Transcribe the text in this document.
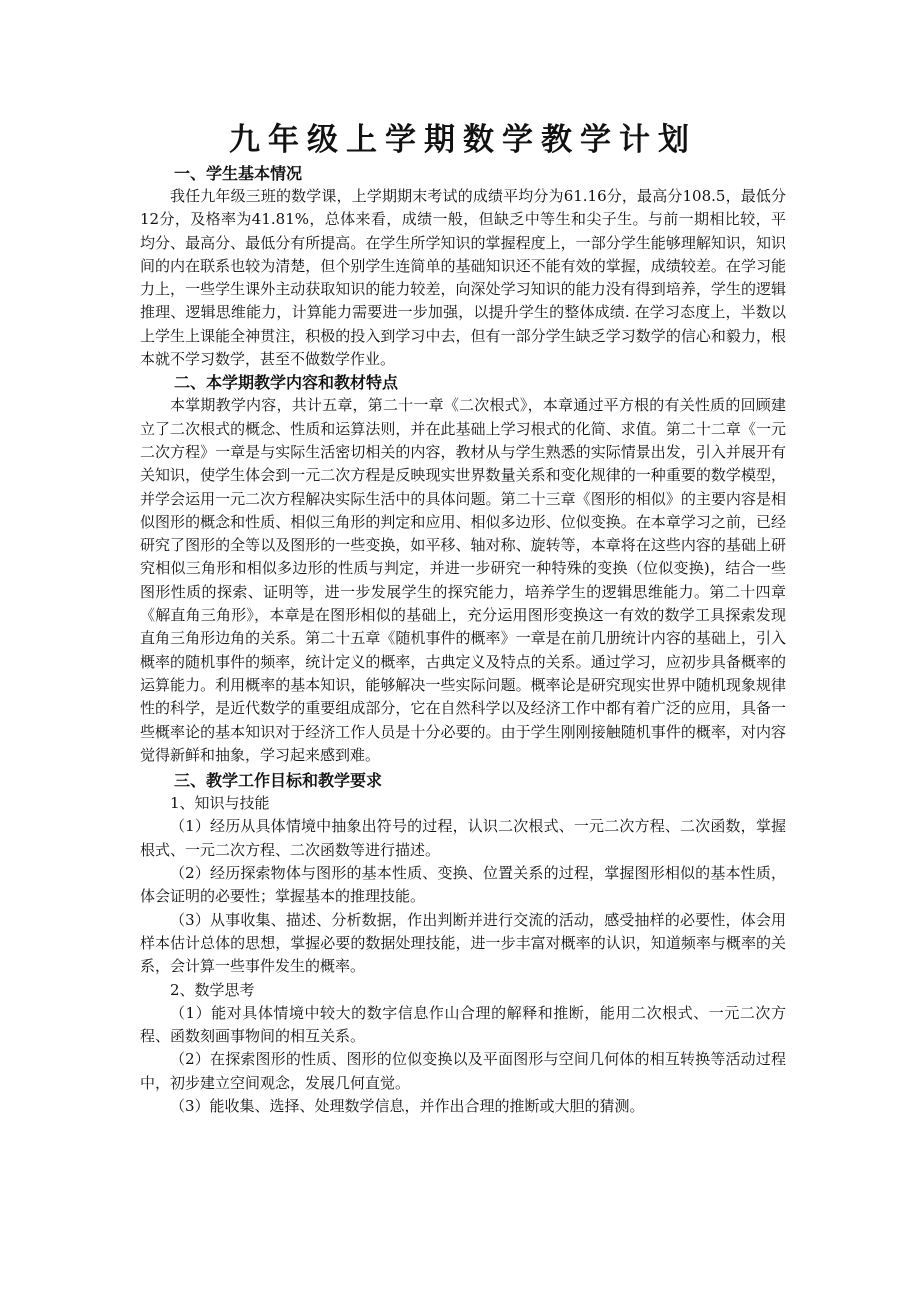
九年级上学期数学教学计划
一、学生基本情况
我任九年级三班的数学课，上学期期末考试的成绩平均分为61.16分，最高分108.5，最低分12分，及格率为41.81%，总体来看，成绩一般，但缺乏中等生和尖子生。与前一期相比较，平均分、最高分、最低分有所提高。在学生所学知识的掌握程度上，一部分学生能够理解知识，知识间的内在联系也较为清楚，但个别学生连简单的基础知识还不能有效的掌握，成绩较差。在学习能力上，一些学生课外主动获取知识的能力较差，向深处学习知识的能力没有得到培养，学生的逻辑推理、逻辑思维能力，计算能力需要进一步加强，以提升学生的整体成绩. 在学习态度上，半数以上学生上课能全神贯注，积极的投入到学习中去，但有一部分学生缺乏学习数学的信心和毅力，根本就不学习数学，甚至不做数学作业。
二、本学期教学内容和教材特点
本掌期教学内容，共计五章，第二十一章《二次根式》，本章通过平方根的有关性质的回顾建立了二次根式的概念、性质和运算法则，并在此基础上学习根式的化简、求值。第二十二章《一元二次方程》一章是与实际生活密切相关的内容，教材从与学生熟悉的实际情景出发，引入并展开有关知识，使学生体会到一元二次方程是反映现实世界数量关系和变化规律的一种重要的数学模型，并学会运用一元二次方程解决实际生活中的具体问题。第二十三章《图形的相似》的主要内容是相似图形的概念和性质、相似三角形的判定和应用、相似多边形、位似变换。在本章学习之前，已经研究了图形的全等以及图形的一些变换，如平移、轴对称、旋转等，本章将在这些内容的基础上研究相似三角形和相似多边形的性质与判定，并进一步研究一种特殊的变换（位似变换)，结合一些图形性质的探索、证明等，进一步发展学生的探究能力，培养学生的逻辑思维能力。第二十四章《解直角三角形》，本章是在图形相似的基础上，充分运用图形变换这一有效的数学工具探索发现直角三角形边角的关系。第二十五章《随机事件的概率》一章是在前几册统计内容的基础上，引入概率的随机事件的频率，统计定义的概率，古典定义及特点的关系。通过学习，应初步具备概率的运算能力。利用概率的基本知识，能够解决一些实际问题。概率论是研究现实世界中随机现象规律性的科学，是近代数学的重要组成部分，它在自然科学以及经济工作中都有着广泛的应用，具备一些概率论的基本知识对于经济工作人员是十分必要的。由于学生刚刚接触随机事件的概率，对内容觉得新鲜和抽象，学习起来感到难。
三、教学工作目标和教学要求
1、知识与技能
（1）经历从具体情境中抽象出符号的过程，认识二次根式、一元二次方程、二次函数，掌握根式、一元二次方程、二次函数等进行描述。
（2）经历探索物体与图形的基本性质、变换、位置关系的过程，掌握图形相似的基本性质，体会证明的必要性；掌握基本的推理技能。
（3）从事收集、描述、分析数据，作出判断并进行交流的活动，感受抽样的必要性，体会用样本估计总体的思想，掌握必要的数据处理技能，进一步丰富对概率的认识，知道频率与概率的关系，会计算一些事件发生的概率。
2、数学思考
（1）能对具体情境中较大的数字信息作山合理的解释和推断，能用二次根式、一元二次方程、函数刻画事物间的相互关系。
（2）在探索图形的性质、图形的位似变换以及平面图形与空间几何体的相互转换等活动过程中，初步建立空间观念，发展几何直觉。
（3）能收集、选择、处理数学信息，并作出合理的推断或大胆的猜测。
